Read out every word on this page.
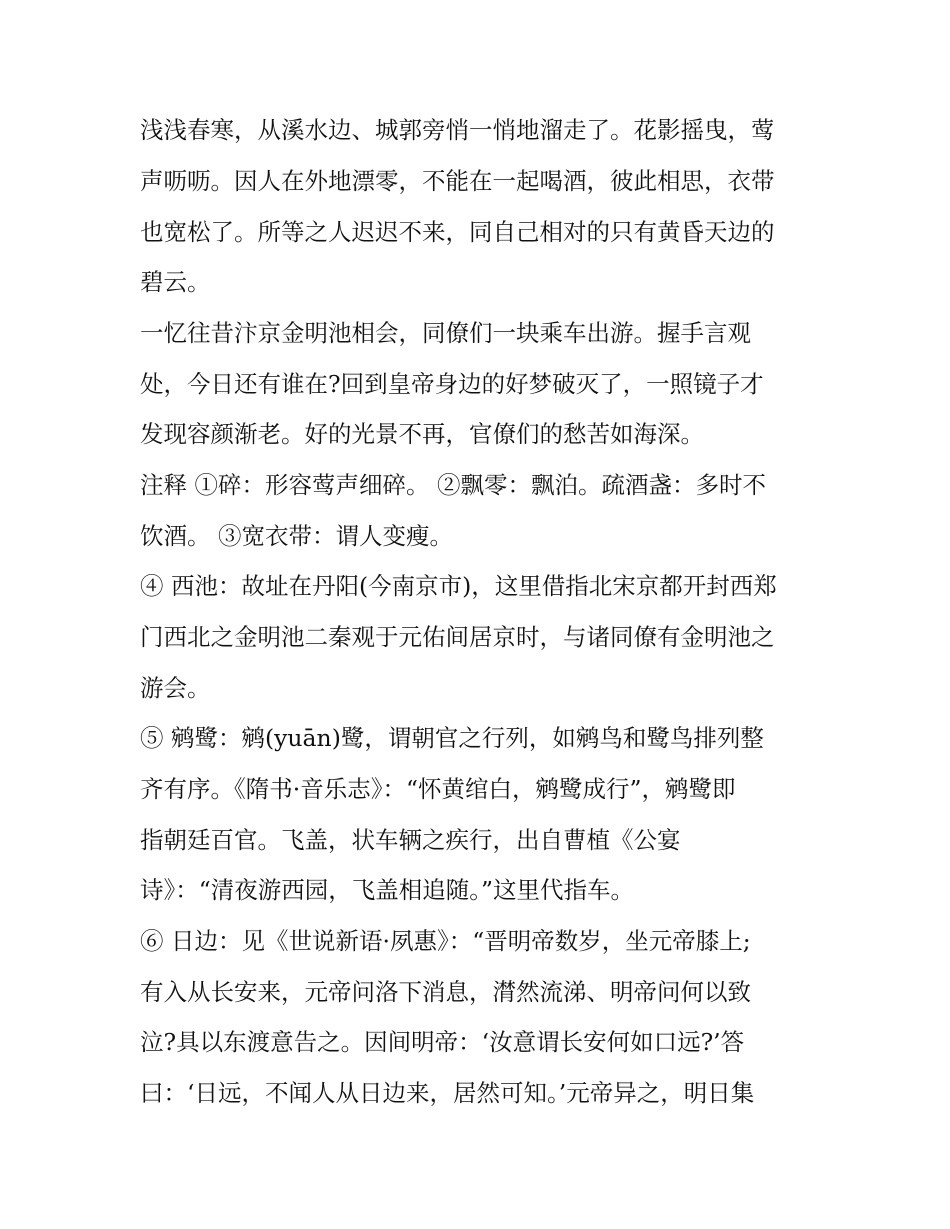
浅浅春寒，从溪水边、城郭旁悄一悄地溜走了。花影摇曳，莺
声呖呖。因人在外地漂零，不能在一起喝酒，彼此相思，衣带
也宽松了。所等之人迟迟不来，同自己相对的只有黄昏天边的
碧云。
一忆往昔汴京金明池相会，同僚们一块乘车出游。握手言观
处，今日还有谁在?回到皇帝身边的好梦破灭了，一照镜子才
发现容颜渐老。好的光景不再，官僚们的愁苦如海深。
注释 ①碎：形容莺声细碎。 ②飘零：飘泊。疏酒盏：多时不
饮酒。 ③宽衣带：谓人变瘦。
④ 西池：故址在丹阳(今南京市)，这里借指北宋京都开封西郑
门西北之金明池二秦观于元佑间居京时，与诸同僚有金明池之
游会。
⑤ 鹓鹭：鹓(yuān)鹭，谓朝官之行列，如鹓鸟和鹭鸟排列整
齐有序。《隋书·音乐志》：“怀黄绾白，鹓鹭成行”，鹓鹭即
指朝廷百官。飞盖，状车辆之疾行，出自曹植《公宴
诗》：“清夜游西园，飞盖相追随。”这里代指车。
⑥ 日边：见《世说新语·夙惠》：“晋明帝数岁，坐元帝膝上;
有入从长安来，元帝问洛下消息，潸然流涕、明帝问何以致
泣?具以东渡意告之。因间明帝：‘汝意谓长安何如口远?’答
曰：‘日远，不闻人从日边来，居然可知。’元帝异之，明日集
